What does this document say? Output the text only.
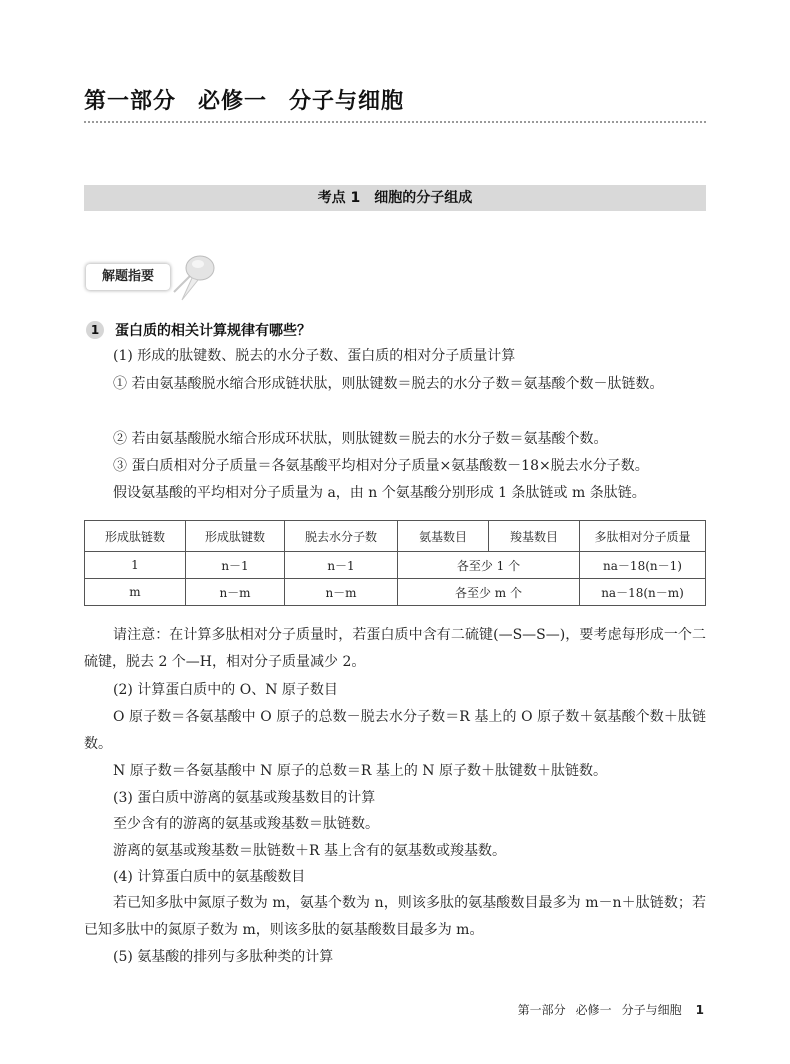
第一部分 必修一 分子与细胞
考点 1　细胞的分子组成
解题指要
1	蛋白质的相关计算规律有哪些？
(1) 形成的肽键数、脱去的水分子数、蛋白质的相对分子质量计算
① 若由氨基酸脱水缩合形成链状肽，则肽键数＝脱去的水分子数＝氨基酸个数－肽链数。
② 若由氨基酸脱水缩合形成环状肽，则肽键数＝脱去的水分子数＝氨基酸个数。
③ 蛋白质相对分子质量＝各氨基酸平均相对分子质量×氨基酸数－18×脱去水分子数。
假设氨基酸的平均相对分子质量为 a，由 n 个氨基酸分别形成 1 条肽链或 m 条肽链。
形成肽链数	形成肽键数	脱去水分子数	氨基数目	羧基数目	多肽相对分子质量
1	n－1	n－1	各至少 1 个		na－18(n－1)
m	n－m	n－m	各至少 m 个		na－18(n－m)
请注意：在计算多肽相对分子质量时，若蛋白质中含有二硫键(—S—S—)，要考虑每形成一个二硫键，脱去 2 个—H，相对分子质量减少 2。
(2) 计算蛋白质中的 O、N 原子数目
O 原子数＝各氨基酸中 O 原子的总数－脱去水分子数＝R 基上的 O 原子数＋氨基酸个数＋肽链数。
N 原子数＝各氨基酸中 N 原子的总数＝R 基上的 N 原子数＋肽键数＋肽链数。
(3) 蛋白质中游离的氨基或羧基数目的计算
至少含有的游离的氨基或羧基数＝肽链数。
游离的氨基或羧基数＝肽链数＋R 基上含有的氨基数或羧基数。
(4) 计算蛋白质中的氨基酸数目
若已知多肽中氮原子数为 m，氨基个数为 n，则该多肽的氨基酸数目最多为 m－n＋肽链数；若已知多肽中的氮原子数为 m，则该多肽的氨基酸数目最多为 m。
(5) 氨基酸的排列与多肽种类的计算
第一部分 必修一 分子与细胞 1
